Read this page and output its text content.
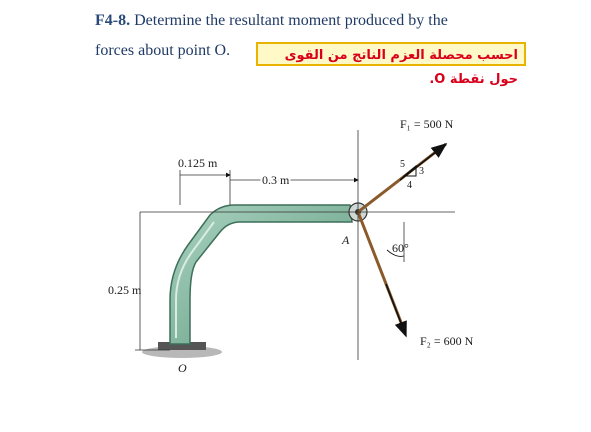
F4-8. Determine the resultant moment produced by the
forces about point O.	احسب محصلة العزم الناتج من القوى حول نقطة O.
5
3
4
0.125 m
0.3 m
0.25 m
F₁ = 500 N
F₂ = 600 N
A
O
60°
